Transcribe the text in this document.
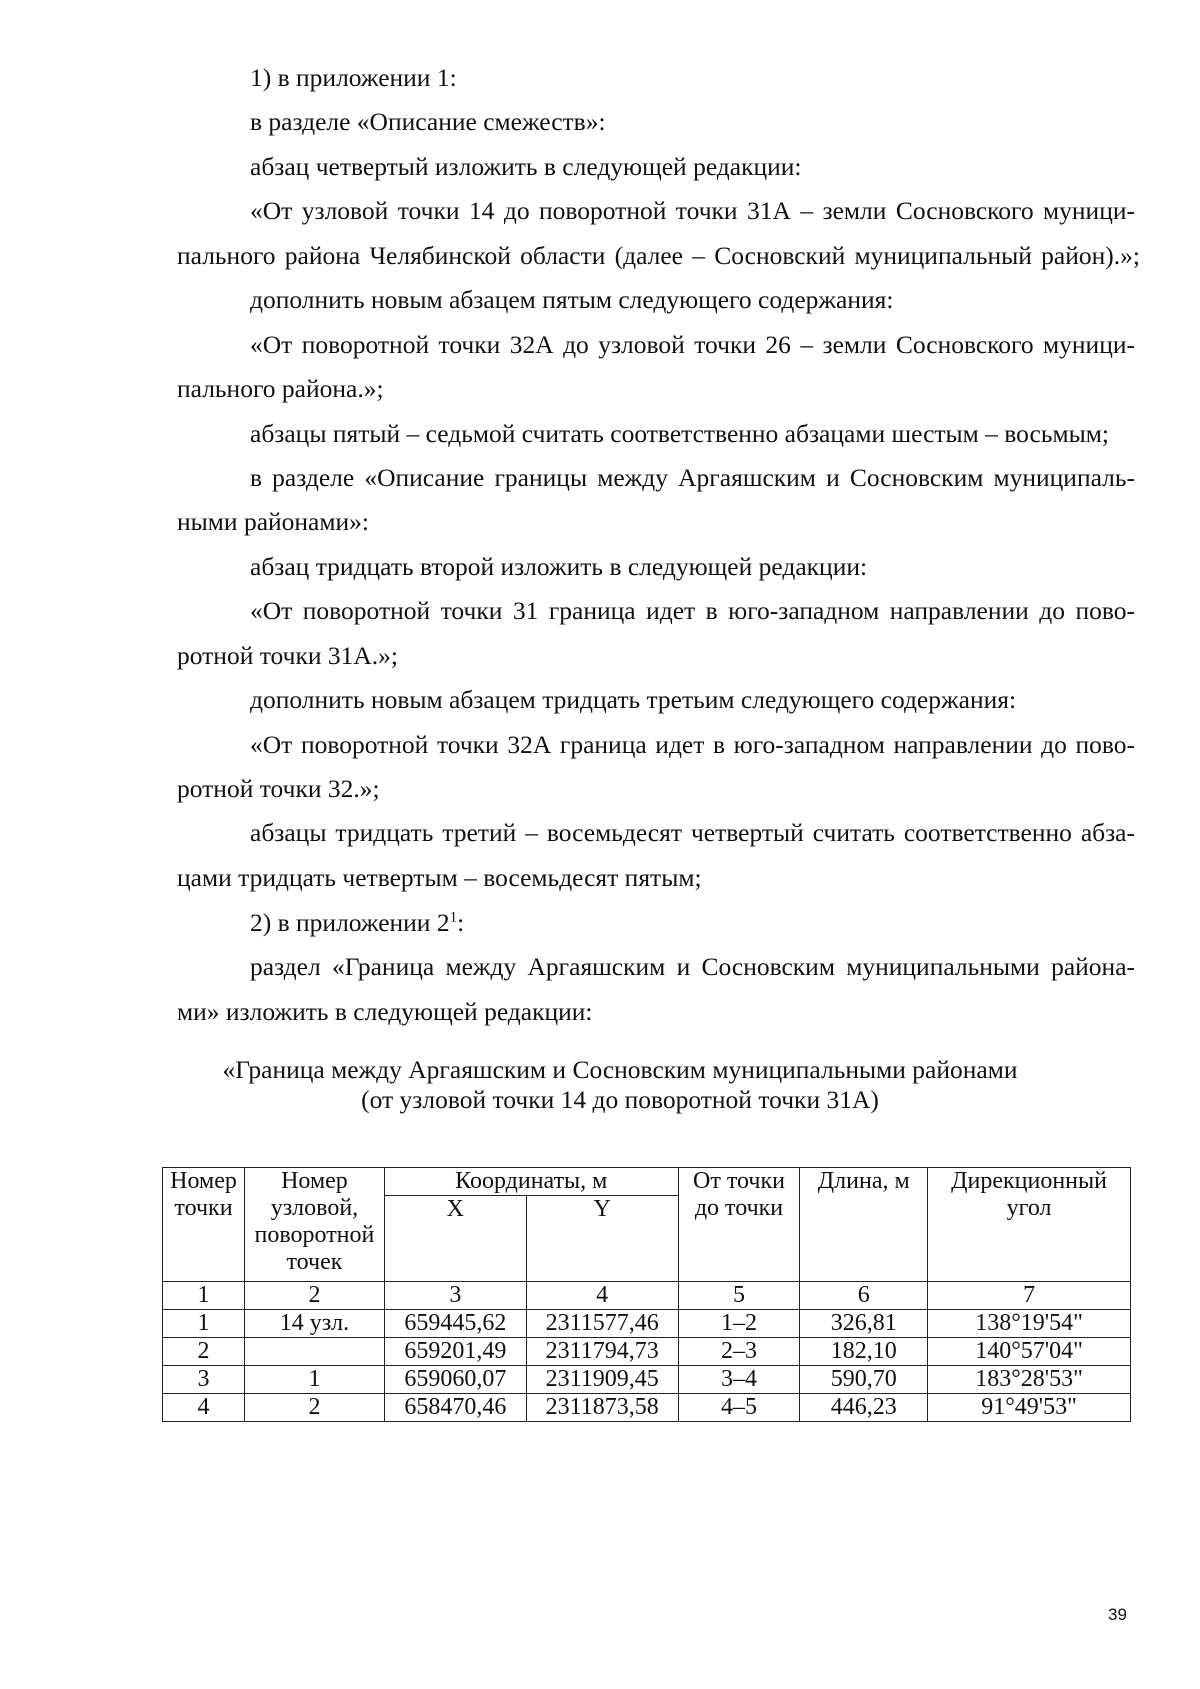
1) в приложении 1:
в разделе «Описание смежеств»:
абзац четвертый изложить в следующей редакции:
«От узловой точки 14 до поворотной точки 31А – земли Сосновского муници-
пального района Челябинской области (далее – Сосновский муниципальный район).»;
дополнить новым абзацем пятым следующего содержания:
«От поворотной точки 32А до узловой точки 26 – земли Сосновского муници-
пального района.»;
абзацы пятый – седьмой считать соответственно абзацами шестым – восьмым;
в разделе «Описание границы между Аргаяшским и Сосновским муниципаль-
ными районами»:
абзац тридцать второй изложить в следующей редакции:
«От поворотной точки 31 граница идет в юго-западном направлении до пово-
ротной точки 31А.»;
дополнить новым абзацем тридцать третьим следующего содержания:
«От поворотной точки 32А граница идет в юго-западном направлении до пово-
ротной точки 32.»;
абзацы тридцать третий – восемьдесят четвертый считать соответственно абза-
цами тридцать четвертым – восемьдесят пятым;
2) в приложении $2^1$:
раздел «Граница между Аргаяшским и Сосновским муниципальными района-
ми» изложить в следующей редакции:
«Граница между Аргаяшским и Сосновским муниципальными районами
(от узловой точки 14 до поворотной точки 31А)
Номер точки	Номер узловой, поворотной точек	Координаты, м		От точки до точки	Длина, м	Дирекционный угол
		X	Y			
1	2	3	4	5	6	7
1	14 узл.	659445,62	2311577,46	1–2	326,81	138°19'54"
2		659201,49	2311794,73	2–3	182,10	140°57'04"
3	1	659060,07	2311909,45	3–4	590,70	183°28'53"
4	2	658470,46	2311873,58	4–5	446,23	91°49'53"
39
